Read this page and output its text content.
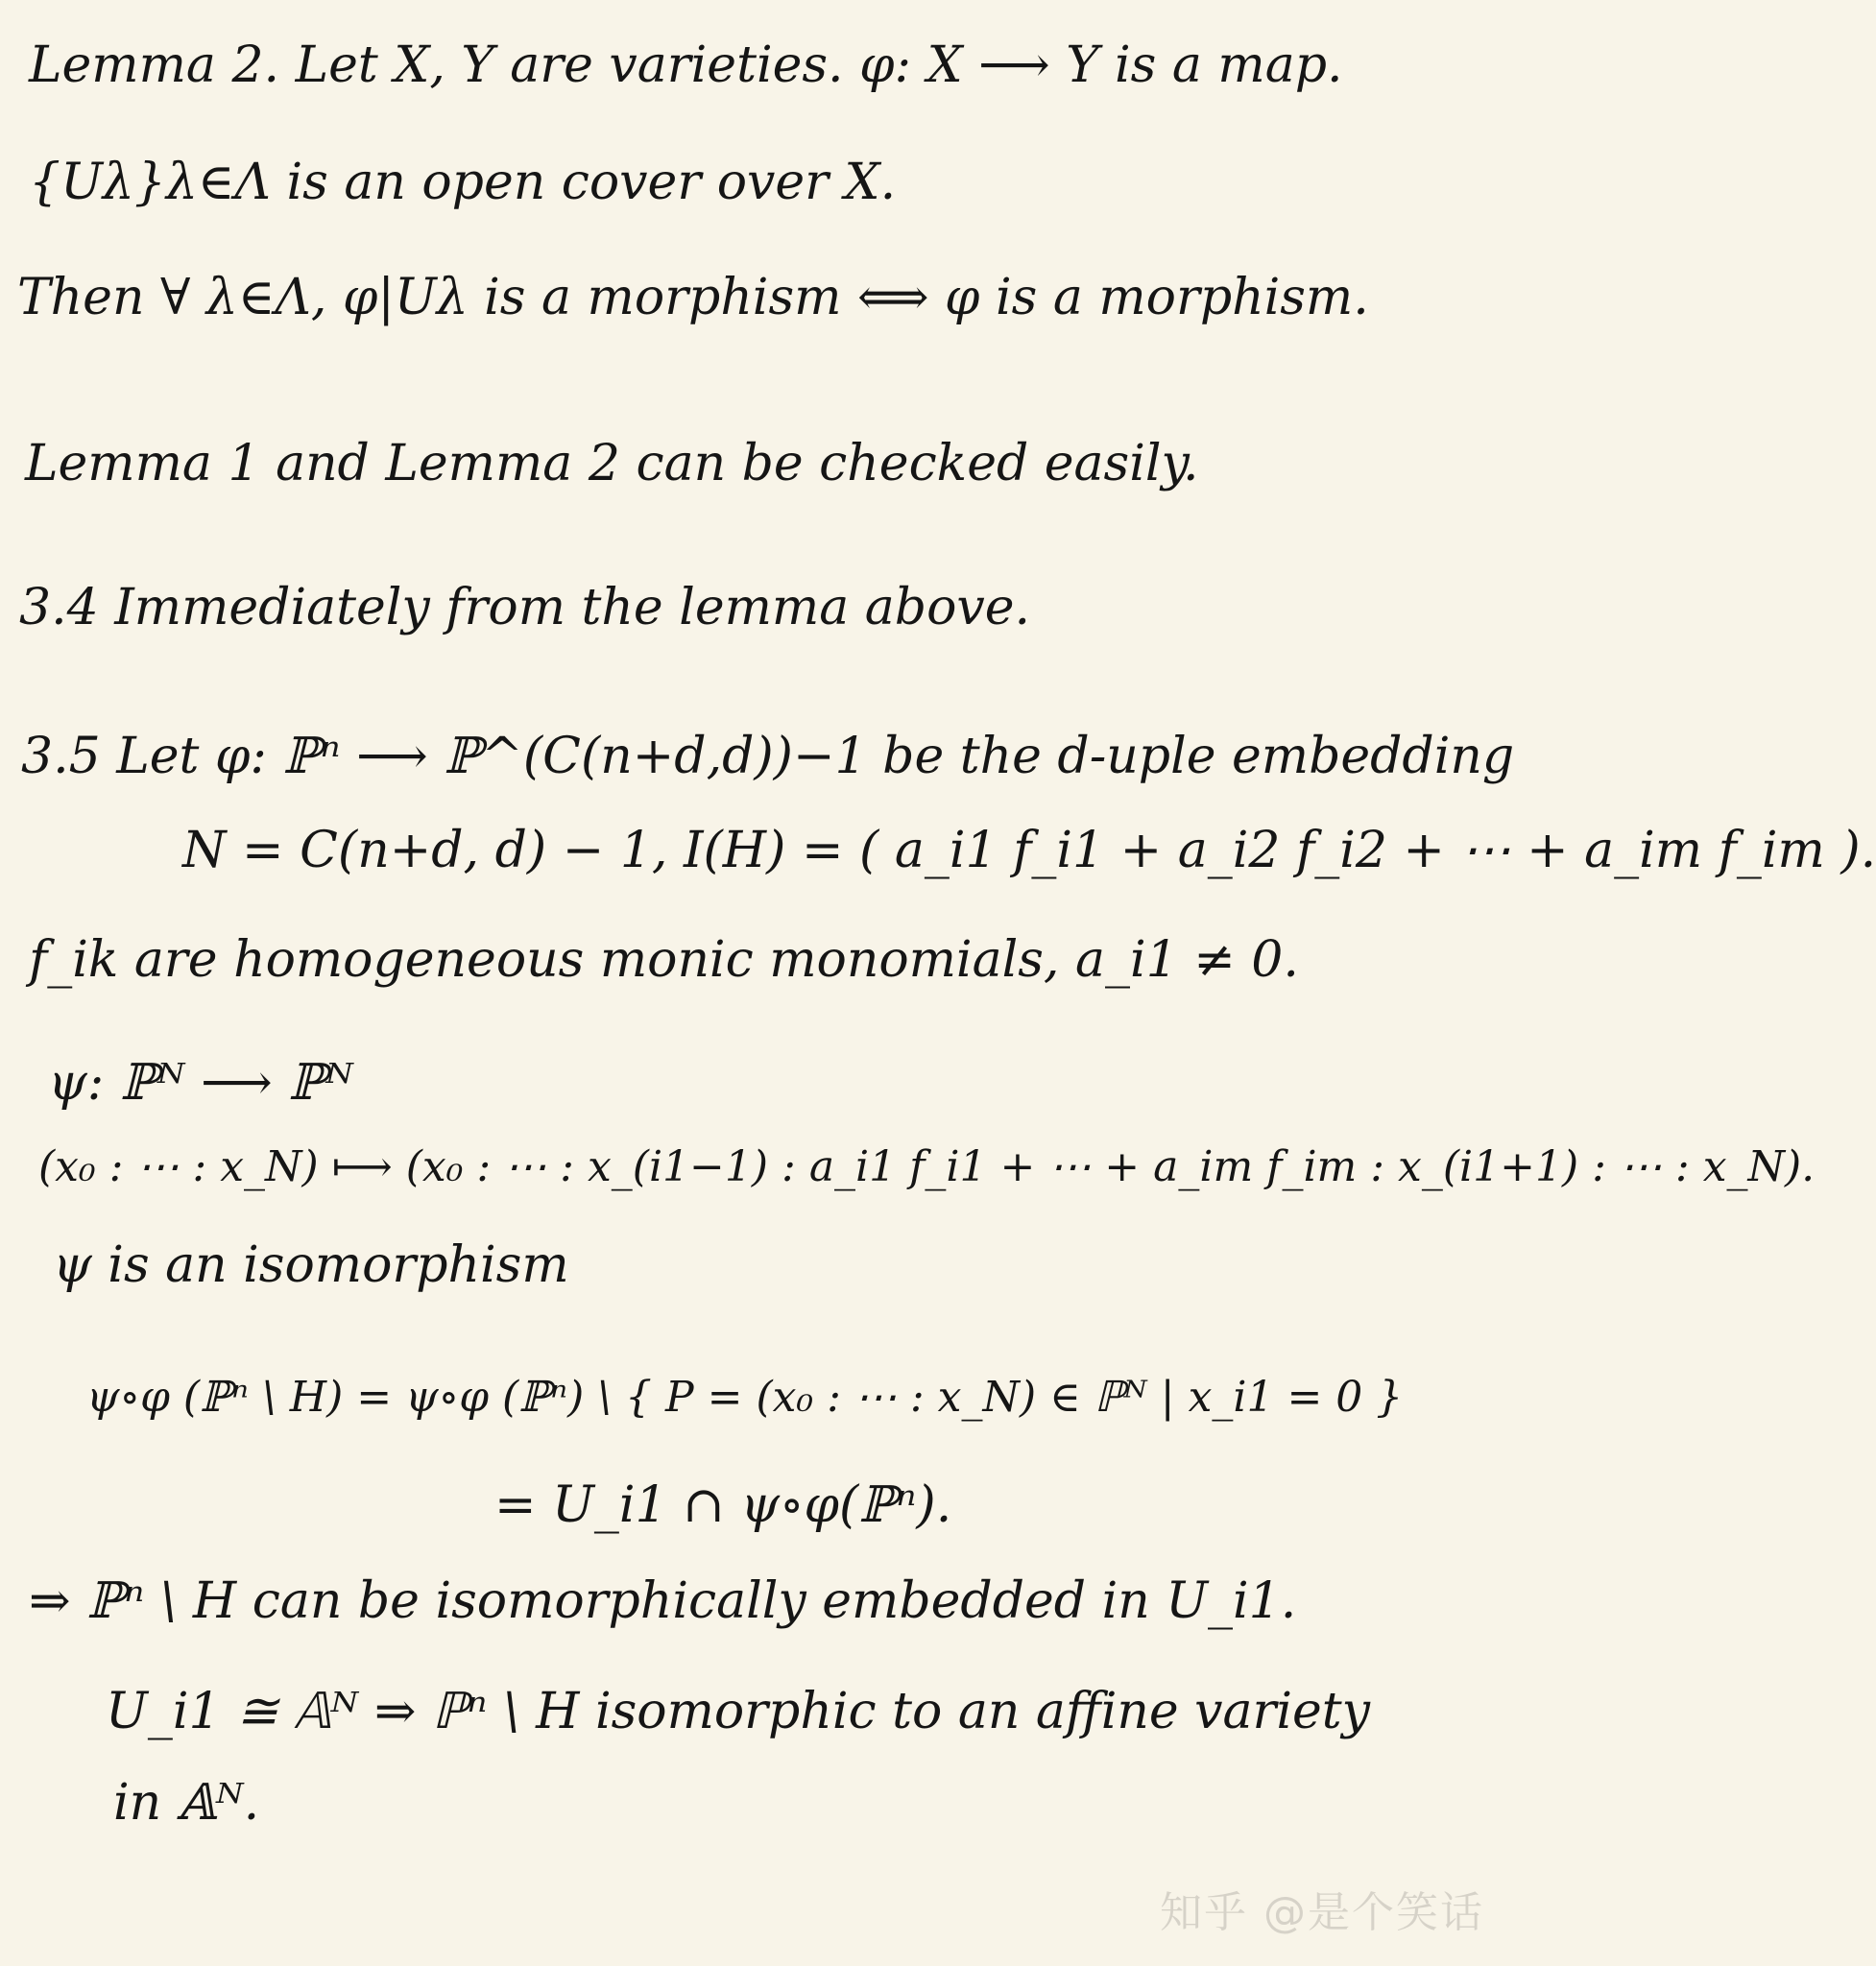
Lemma 2. Let X, Y are varieties. φ: X ⟶ Y is a map.
{Uλ}λ∈Λ is an open cover over X.
Then ∀ λ∈Λ, φ|Uλ is a morphism ⟺ φ is a morphism.
Lemma 1 and Lemma 2 can be checked easily.
3.4 Immediately from the lemma above.
3.5 Let φ: ℙⁿ ⟶ ℙ^(C(n+d,d))−1 be the d-uple embedding
N = C(n+d, d) − 1, I(H) = ( a_i1 f_i1 + a_i2 f_i2 + ⋯ + a_im f_im ).
f_ik are homogeneous monic monomials, a_i1 ≠ 0.
ψ: ℙᴺ ⟶ ℙᴺ
(x₀ : ⋯ : x_N) ⟼ (x₀ : ⋯ : x_(i1−1) : a_i1 f_i1 + ⋯ + a_im f_im : x_(i1+1) : ⋯ : x_N).
ψ is an isomorphism
ψ∘φ (ℙⁿ \ H) = ψ∘φ (ℙⁿ) \ { P = (x₀ : ⋯ : x_N) ∈ ℙᴺ | x_i1 = 0 }
= U_i1 ∩ ψ∘φ(ℙⁿ).
⇒ ℙⁿ \ H can be isomorphically embedded in U_i1.
U_i1 ≅ 𝔸ᴺ ⇒ ℙⁿ \ H isomorphic to an affine variety
in 𝔸ᴺ.
知乎 @是个笑话
